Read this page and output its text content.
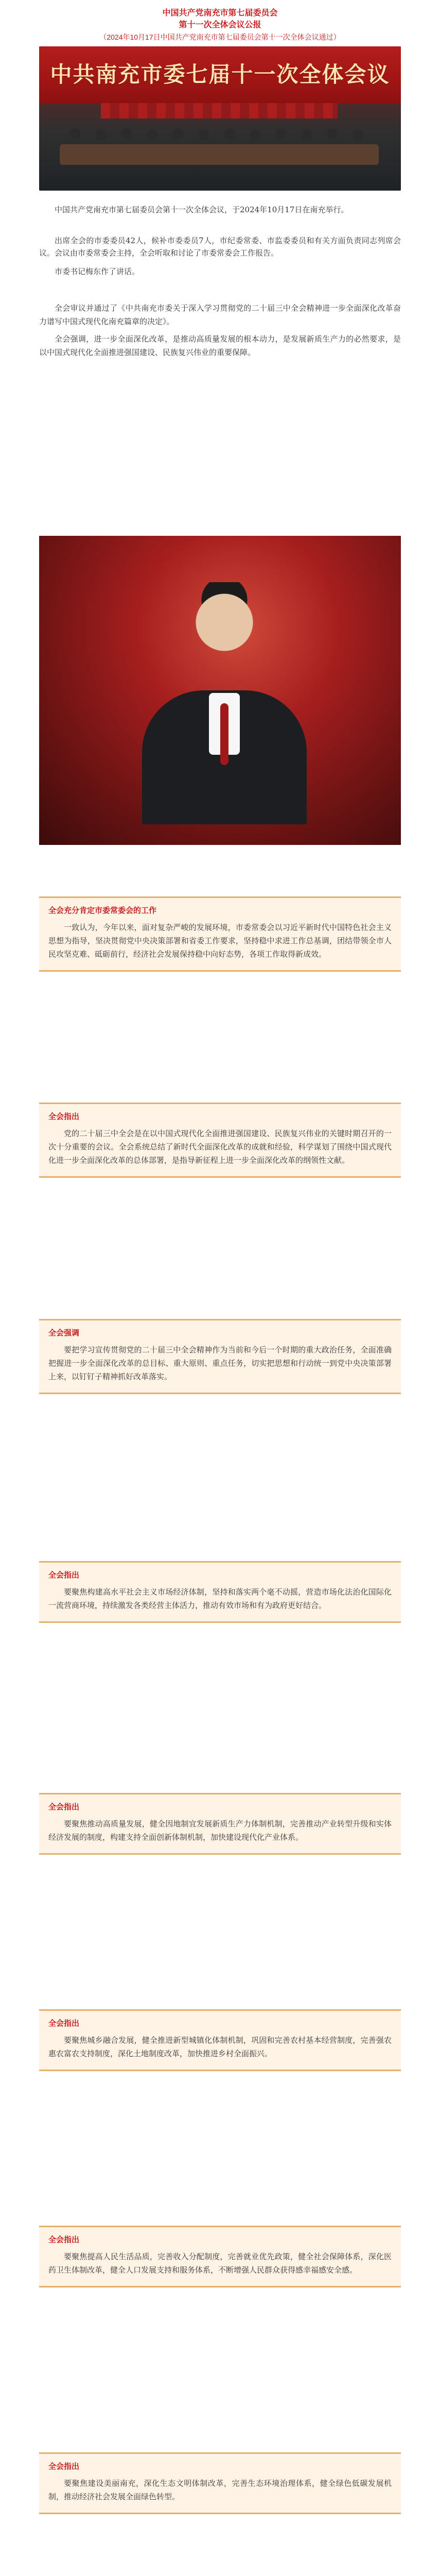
中国共产党南充市第七届委员会
第十一次全体会议公报
（2024年10月17日中国共产党南充市第七届委员会第十一次全体会议通过）
中共南充市委七届十一次全体会议
中国共产党南充市第七届委员会第十一次全体会议，于2024年10月17日在南充举行。
出席全会的市委委员42人，候补市委委员7人，市纪委常委、市监委委员和有关方面负责同志列席会议。会议由市委常委会主持，全会听取和讨论了市委常委会工作报告。
市委书记梅东作了讲话。
全会审议并通过了《中共南充市委关于深入学习贯彻党的二十届三中全会精神进一步全面深化改革奋力谱写中国式现代化南充篇章的决定》。
全会强调，进一步全面深化改革，是推动高质量发展的根本动力，是发展新质生产力的必然要求，是以中国式现代化全面推进强国建设、民族复兴伟业的重要保障。
全会充分肯定市委常委会的工作
一致认为，今年以来，面对复杂严峻的发展环境，市委常委会以习近平新时代中国特色社会主义思想为指导，坚决贯彻党中央决策部署和省委工作要求，坚持稳中求进工作总基调，团结带领全市人民攻坚克难、砥砺前行，经济社会发展保持稳中向好态势，各项工作取得新成效。
全会指出
党的二十届三中全会是在以中国式现代化全面推进强国建设、民族复兴伟业的关键时期召开的一次十分重要的会议。全会系统总结了新时代全面深化改革的成就和经验，科学谋划了围绕中国式现代化进一步全面深化改革的总体部署，是指导新征程上进一步全面深化改革的纲领性文献。
全会强调
要把学习宣传贯彻党的二十届三中全会精神作为当前和今后一个时期的重大政治任务，全面准确把握进一步全面深化改革的总目标、重大原则、重点任务，切实把思想和行动统一到党中央决策部署上来，以钉钉子精神抓好改革落实。
全会指出
要聚焦构建高水平社会主义市场经济体制，坚持和落实两个毫不动摇，营造市场化法治化国际化一流营商环境，持续激发各类经营主体活力，推动有效市场和有为政府更好结合。
全会指出
要聚焦推动高质量发展，健全因地制宜发展新质生产力体制机制，完善推动产业转型升级和实体经济发展的制度，构建支持全面创新体制机制，加快建设现代化产业体系。
全会指出
要聚焦城乡融合发展，健全推进新型城镇化体制机制，巩固和完善农村基本经营制度，完善强农惠农富农支持制度，深化土地制度改革，加快推进乡村全面振兴。
全会指出
要聚焦提高人民生活品质，完善收入分配制度，完善就业优先政策，健全社会保障体系，深化医药卫生体制改革，健全人口发展支持和服务体系，不断增强人民群众获得感幸福感安全感。
全会指出
要聚焦建设美丽南充，深化生态文明体制改革，完善生态环境治理体系，健全绿色低碳发展机制，推动经济社会发展全面绿色转型。
